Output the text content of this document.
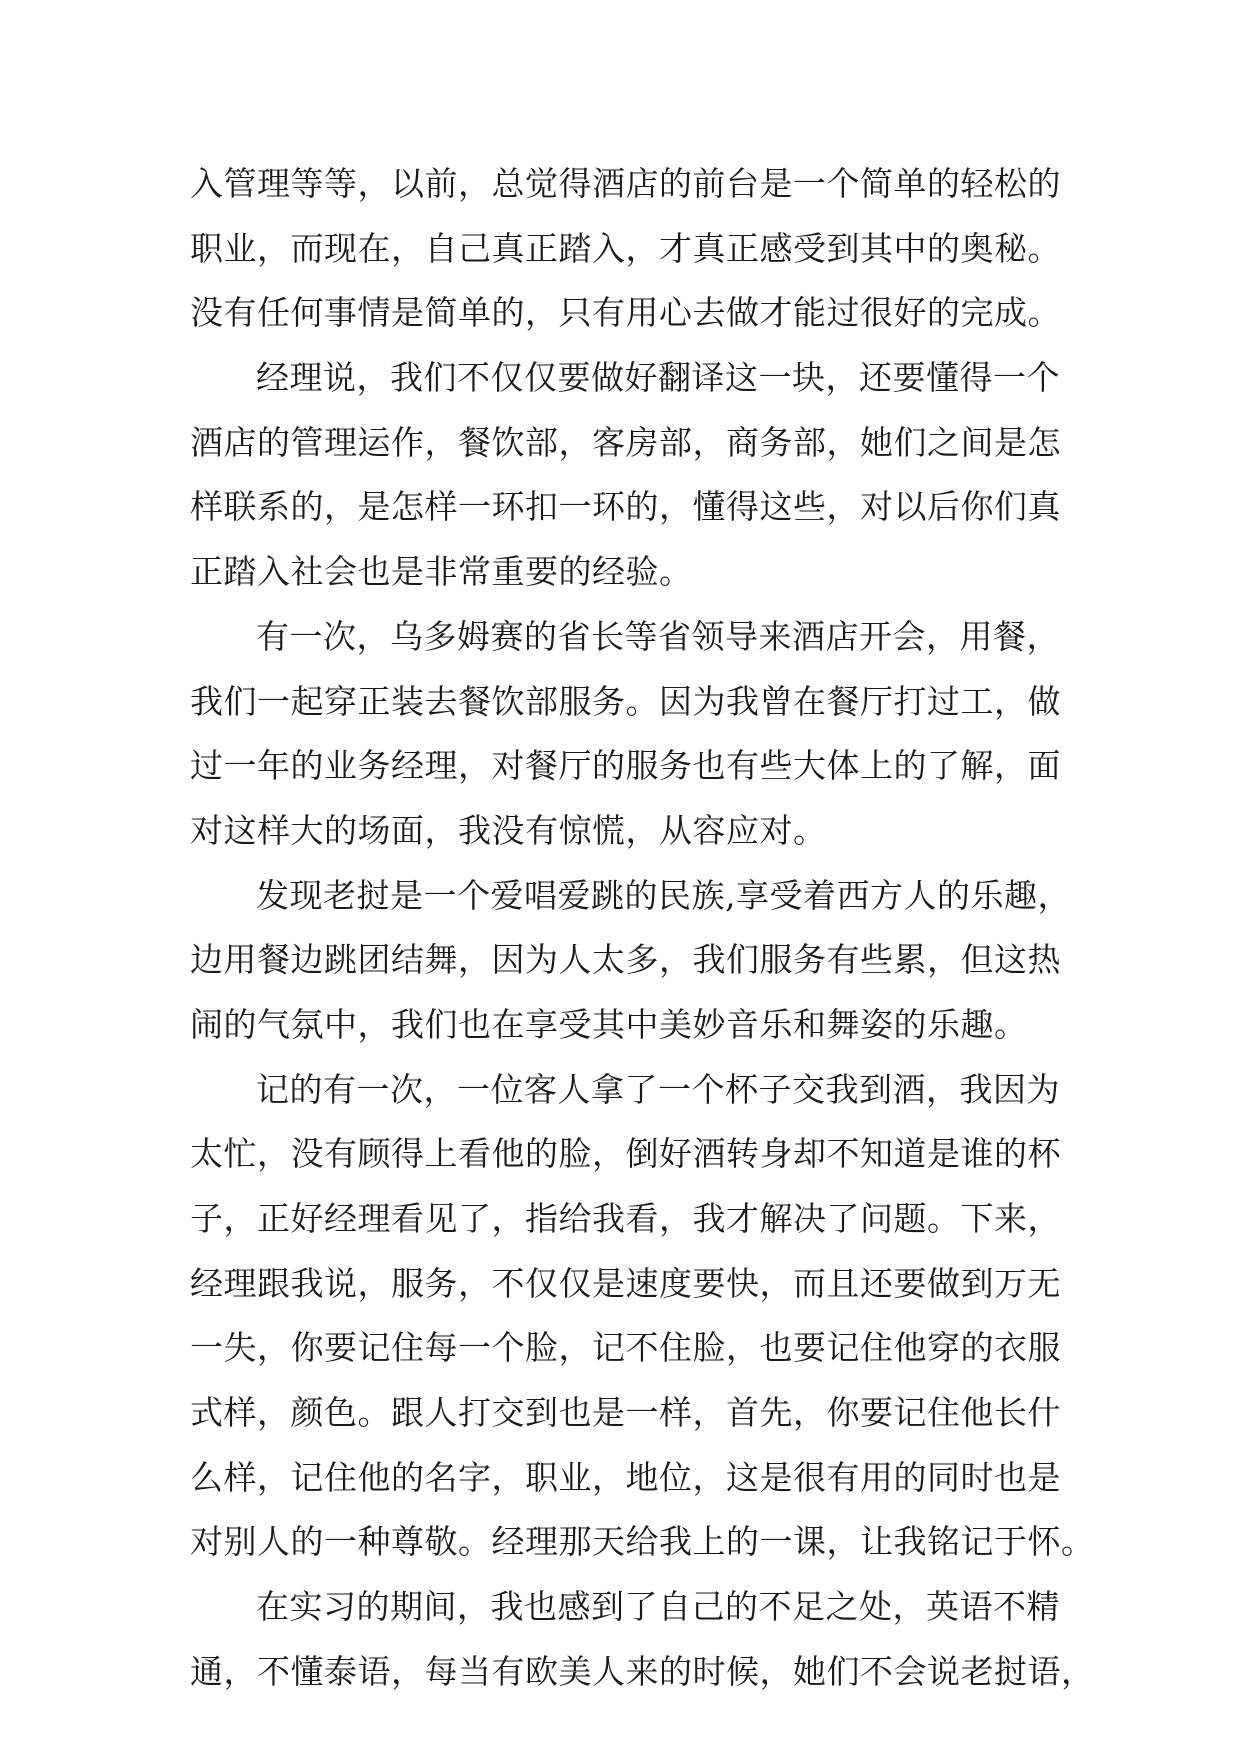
入管理等等，以前，总觉得酒店的前台是一个简单的轻松的
职业，而现在，自己真正踏入，才真正感受到其中的奥秘。
没有任何事情是简单的，只有用心去做才能过很好的完成。
经理说，我们不仅仅要做好翻译这一块，还要懂得一个
酒店的管理运作，餐饮部，客房部，商务部，她们之间是怎
样联系的，是怎样一环扣一环的，懂得这些，对以后你们真
正踏入社会也是非常重要的经验。
有一次，乌多姆赛的省长等省领导来酒店开会，用餐，
我们一起穿正装去餐饮部服务。因为我曾在餐厅打过工，做
过一年的业务经理，对餐厅的服务也有些大体上的了解，面
对这样大的场面，我没有惊慌，从容应对。
发现老挝是一个爱唱爱跳的民族,享受着西方人的乐趣，
边用餐边跳团结舞，因为人太多，我们服务有些累，但这热
闹的气氛中，我们也在享受其中美妙音乐和舞姿的乐趣。
记的有一次，一位客人拿了一个杯子交我到酒，我因为
太忙，没有顾得上看他的脸，倒好酒转身却不知道是谁的杯
子，正好经理看见了，指给我看，我才解决了问题。下来，
经理跟我说，服务，不仅仅是速度要快，而且还要做到万无
一失，你要记住每一个脸，记不住脸，也要记住他穿的衣服
式样，颜色。跟人打交到也是一样，首先，你要记住他长什
么样，记住他的名字，职业，地位，这是很有用的同时也是
对别人的一种尊敬。经理那天给我上的一课，让我铭记于怀。
在实习的期间，我也感到了自己的不足之处，英语不精
通，不懂泰语，每当有欧美人来的时候，她们不会说老挝语，
